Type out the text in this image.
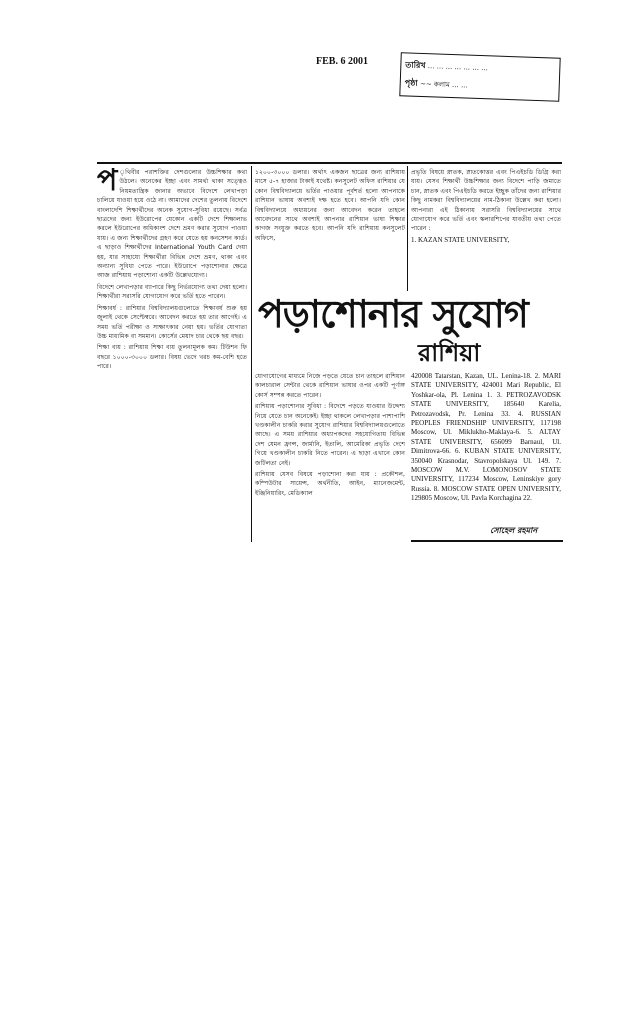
FEB. 6 2001	তারিখ ... ... ... ... ... ... ...
পৃষ্ঠা ~~ কলাম ... ...

প ৃথিবীর পরাশক্তির দেশগুলোর উচ্চশিক্ষার কথা উঠলে। অনেকের ইচ্ছা এবং সামর্থ্য থাকা সত্ত্বেও নিয়মতান্ত্রিক জানার অভাবে বিদেশে লেখাপড়া চালিয়ে যাওয়া হয়ে ওঠে না। আমাদের দেশের তুলনায় বিদেশে বাংলাদেশি শিক্ষার্থীদের অনেক সুযোগ-সুবিধা রয়েছে। সর্বত্র ছাত্রদের জন্য ইউরোপের যেকোন একটি দেশে শিক্ষালাভ করলে ইউরোপের অধিকাংশ দেশে ভ্রমণ করার সুযোগ পাওয়া যায়। এ জন্য শিক্ষার্থীদের গ্রহণ করে যেতে হয় কনসেশন কার্ড। এ ছাড়াও শিক্ষার্থীদের International Youth Card দেয়া হয়, যার সাহায্যে শিক্ষার্থীরা বিভিন্ন দেশে ভ্রমণ, থাকা এবং অন্যান্য সুবিধা পেতে পারে। ইউরোপে পড়াশোনার ক্ষেত্রে আজ রাশিয়ায় পড়াশোনা একটি উল্লেখযোগ্য।

বিদেশে লেখাপড়ার ব্যাপারে কিছু নির্ভরযোগ্য তথ্য দেয়া হলো। শিক্ষার্থীরা সরাসরি যোগাযোগ করে ভর্তি হতে পারেন।

শিক্ষাবর্ষ : রাশিয়ার বিশ্ববিদ্যালয়গুলোতে শিক্ষাবর্ষ শুরু হয় জুলাই থেকে সেপ্টেম্বরে। আবেদন করতে হয় তার আগেই। এ সময় ভর্তি পরীক্ষা ও সাক্ষাৎকার নেয়া হয়। ভর্তির যোগ্যতা উচ্চ মাধ্যমিক বা সমমান। কোর্সের মেয়াদ চার থেকে ছয় বছর।

শিক্ষা ব্যয় : রাশিয়ায় শিক্ষা ব্যয় তুলনামূলক কম। টিউশন ফি বছরে ১০০০-৩০০০ ডলার। বিষয় ভেদে খরচ কম-বেশি হতে পারে।

১২০০-৩০০০ ডলার। অর্থাৎ একজন ছাত্রের জন্য রাশিয়ায় মাসে ৫-৭ হাজার টাকাই যথেষ্ট। কনসুলেট অফিস রাশিয়ার যে কোন বিশ্ববিদ্যালয়ে ভর্তির পাওয়ার পূর্বশর্ত হলো আপনাকে রাশিয়ান ভাষায় অবশ্যই দক্ষ হতে হবে। আপনি যদি কোন বিশ্ববিদ্যালয়ে অধ্যয়নের জন্য আবেদন করেন তাহলে আবেদনের সাথে অবশ্যই আপনার রাশিয়ান ভাষা শিক্ষার কাগজ সংযুক্ত করতে হবে। আপনি যদি রাশিয়ায় কনসুলেট অফিসে,

প্রভৃতি বিষয়ে স্নাতক, স্নাতকোত্তর এবং পিএইচডি ডিগ্রি করা যায়। যেসব শিক্ষার্থী উচ্চশিক্ষার জন্য বিদেশে পাড়ি জমাতে চান, স্নাতক এবং পিএইচডি করতে ইচ্ছুক তাঁদের জন্য রাশিয়ার কিছু নামকরা বিশ্ববিদ্যালয়ের নাম-ঠিকানা উল্লেখ করা হলো। আপনারা এই ঠিকানায় সরাসরি বিশ্ববিদ্যালয়ের সাথে যোগাযোগ করে ভর্তি এবং স্কলারশিপের যাবতীয় তথ্য পেতে পারেন :

1. KAZAN STATE UNIVERSITY,

পড়াশোনার সুযোগ
রাশিয়া

যোগাযোগের মাধ্যমে নিজে পড়তে যেতে চান তাহলে রাশিয়ান কালচারাল সেন্টার থেকে রাশিয়ান ভাষার ওপর একটি পূর্ণাঙ্গ কোর্স সম্পন্ন করতে পারেন।

রাশিয়ায় পড়াশোনার সুবিধা : বিদেশে পড়তে যাওয়ার উদ্দেশ্য নিয়ে যেতে চান অনেকেই। ইচ্ছা থাকলে লেখাপড়ার পাশাপাশি খণ্ডকালীন চাকরি করার সুযোগ রাশিয়ার বিশ্ববিদ্যালয়গুলোতে আছে। এ সময় রাশিয়ার অধ্যাপকদের সহযোগিতায় বিভিন্ন দেশ যেমন ফ্রান্স, জার্মানি, ইতালি, আমেরিকা প্রভৃতি দেশে গিয়ে খণ্ডকালীন চাকরি নিতে পারেন। এ ছাড়া এখানে কোন জটিলতা নেই।

রাশিয়ায় যেসব বিষয়ে পড়াশোনা করা যায় : প্রকৌশল, কম্পিউটার সায়েন্স, অর্থনীতি, আইন, ম্যানেজমেন্ট, ইঞ্জিনিয়ারিং, মেডিক্যাল

420008 Tatarstan, Kazan, UL. Lenina-18. 2. MARI STATE UNIVERSITY, 424001 Mari Republic, El Yoshkar-ola, Pl. Lenina 1. 3. PETROZAVODSK STATE UNIVERSITY, 185640 Karelia, Petrozavodsk, Pr. Lenina 33. 4. RUSSIAN PEOPLES FRIENDSHIP UNIVERSITY, 117198 Moscow, Ul. Miklukho-Maklaya-6. 5. ALTAY STATE UNIVERSITY, 656099 Barnaul, Ul. Dimitrova-66. 6. KUBAN STATE UNIVERSITY, 350040 Krasnodar, Stavropolskaya Ul. 149. 7. MOSCOW M.V. LOMONOSOV STATE UNIVERSITY, 117234 Moscow, Leninskiye gory Russia. 8. MOSCOW STATE OPEN UNIVERSITY, 129805 Moscow, Ul. Pavla Korchagina 22.
সোহেল রহমান
